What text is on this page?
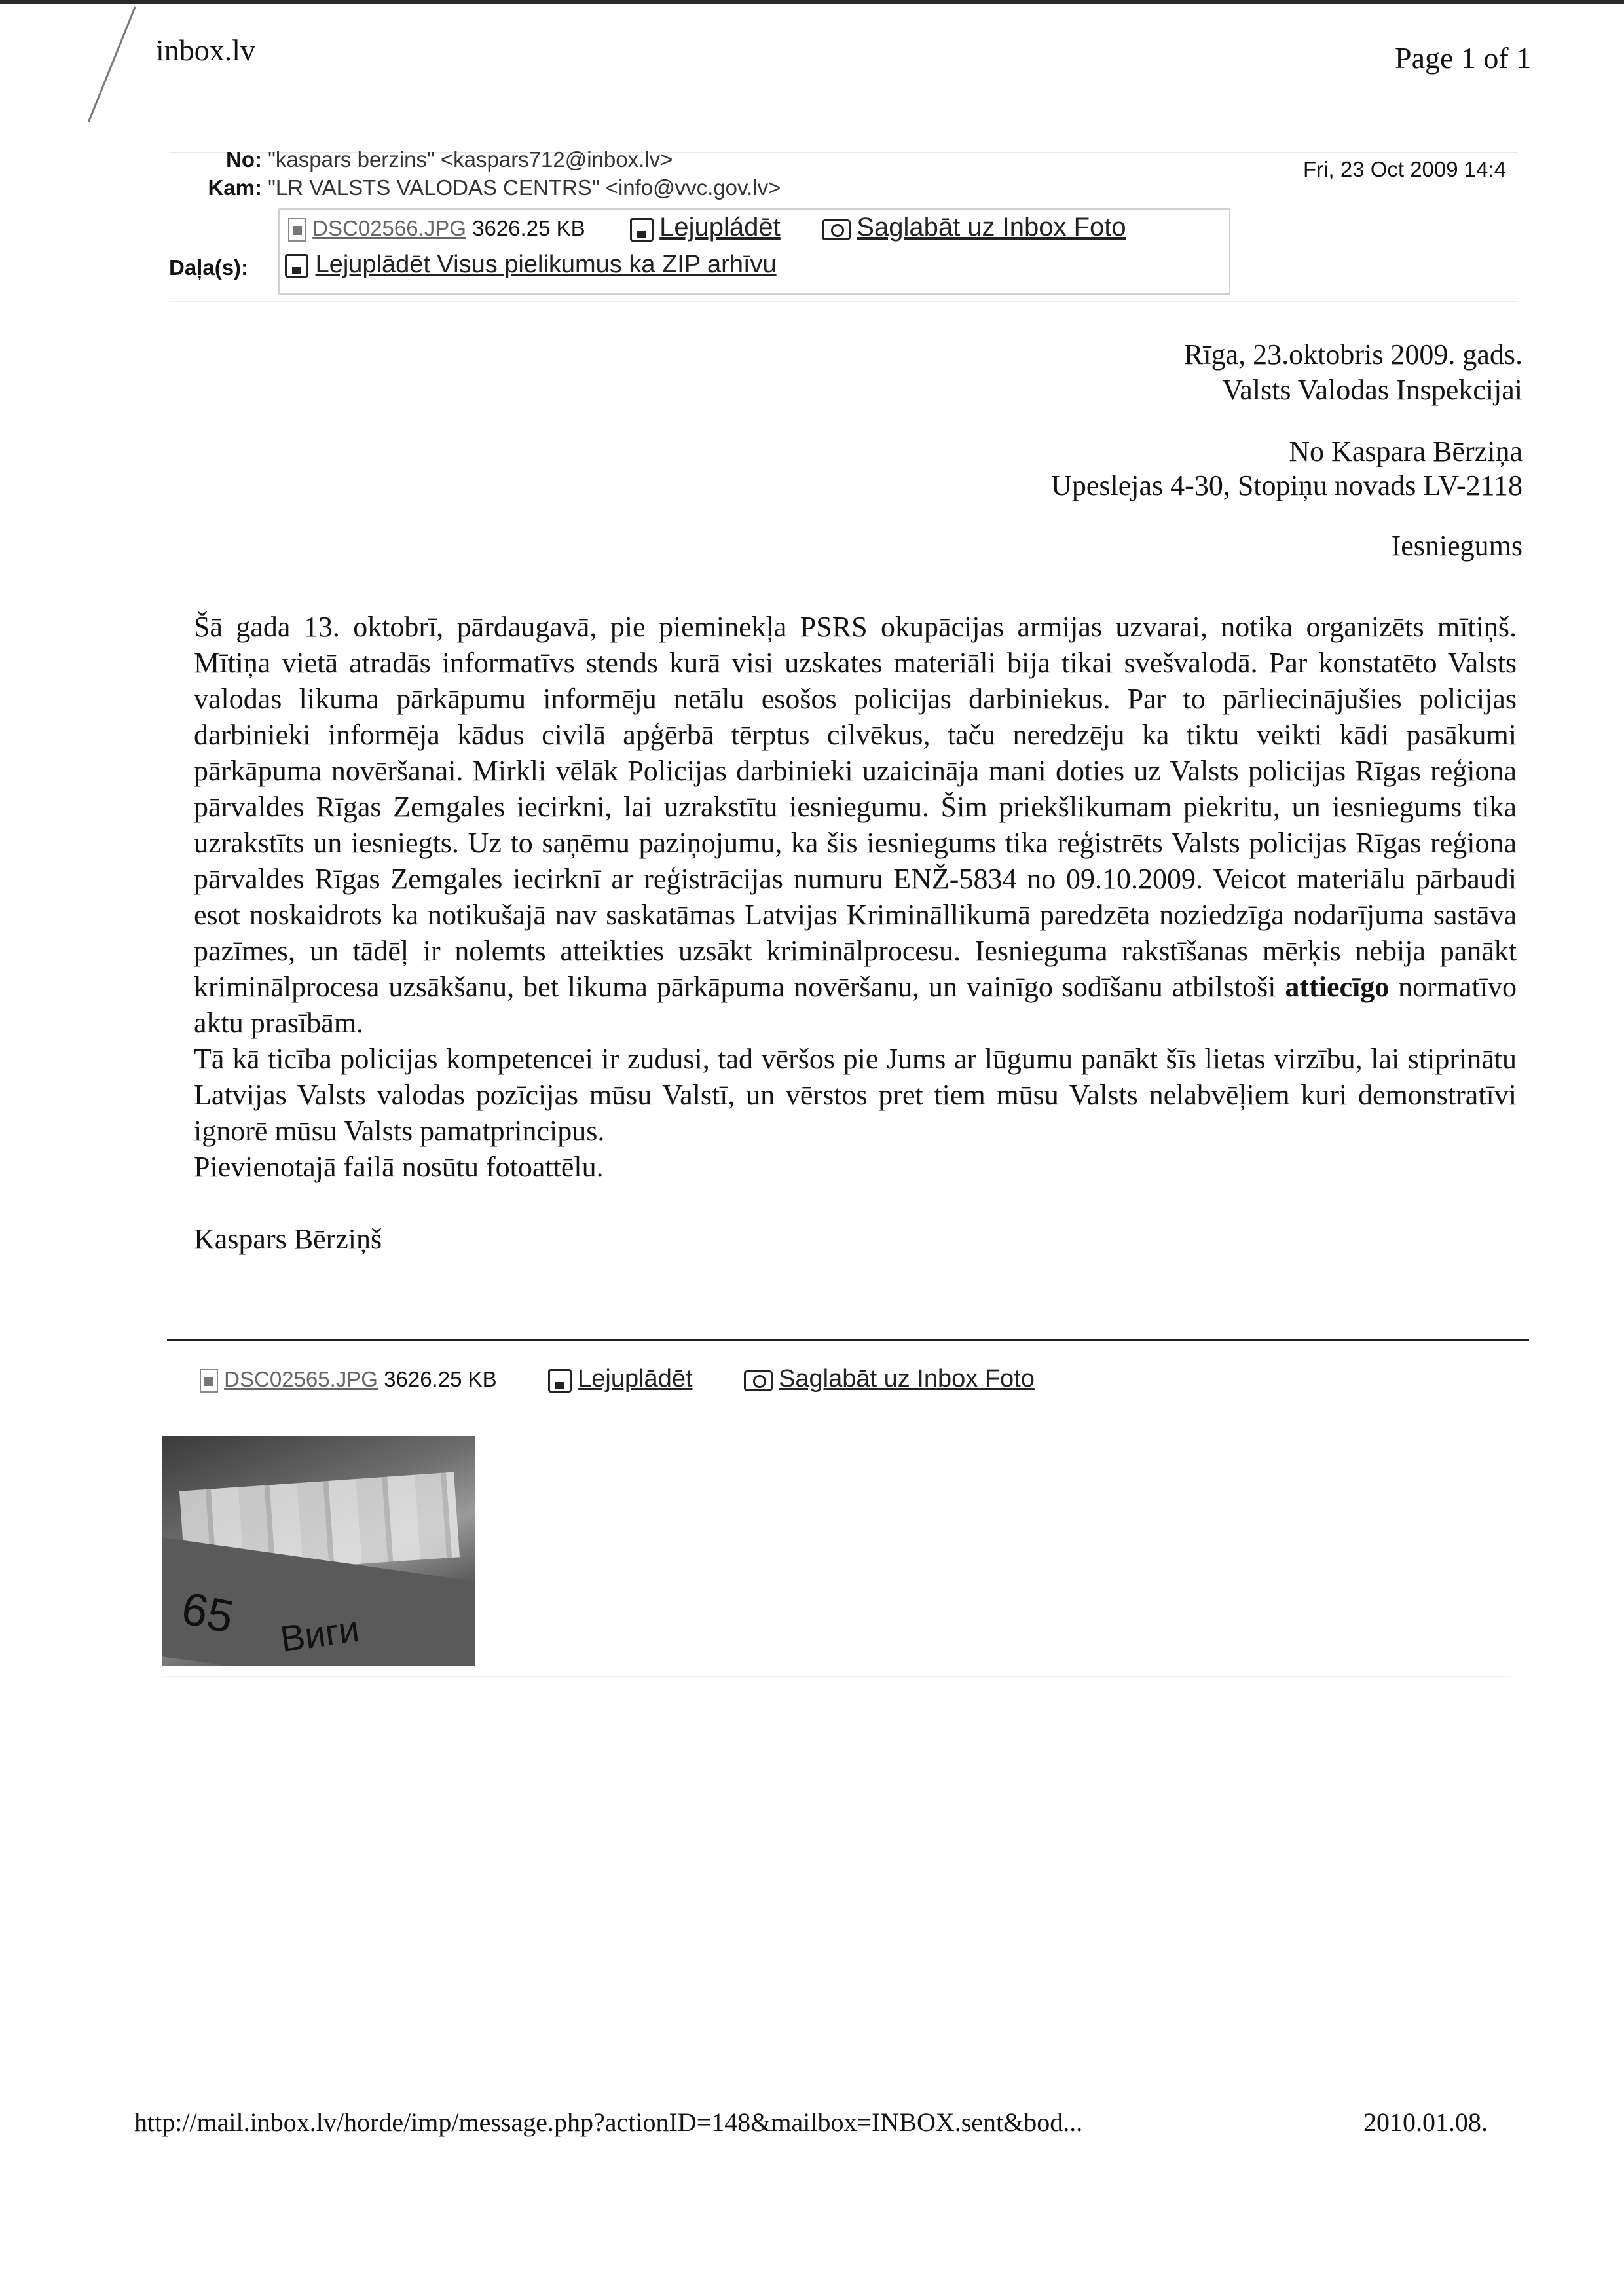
inbox.lv	Page 1 of 1
No: "kaspars berzins" <kaspars712@inbox.lv>
Kam: "LR VALSTS VALODAS CENTRS" <info@vvc.gov.lv>
Fri, 23 Oct 2009 14:4
DSC02566.JPG 3626.25 KB	Lejupládēt	Saglabāt uz Inbox Foto
Daļa(s):	Lejuplādēt Visus pielikumus ka ZIP arhīvu
Rīga, 23.oktobris 2009. gads.
Valsts Valodas Inspekcijai
No Kaspara Bērziņa
Upeslejas 4-30, Stopiņu novads LV-2118
Iesniegums
Šā gada 13. oktobrī, pārdaugavā, pie pieminekļa PSRS okupācijas armijas uzvarai, notika organizēts mītiņš. Mītiņa vietā atradās informatīvs stends kurā visi uzskates materiāli bija tikai svešvalodā. Par konstatēto Valsts valodas likuma pārkāpumu informēju netālu esošos policijas darbiniekus. Par to pārliecinājušies policijas darbinieki informēja kādus civilā apģērbā tērptus cilvēkus, taču neredzēju ka tiktu veikti kādi pasākumi pārkāpuma novēršanai. Mirkli vēlāk Policijas darbinieki uzaicināja mani doties uz Valsts policijas Rīgas reģiona pārvaldes Rīgas Zemgales iecirkni, lai uzrakstītu iesniegumu. Šim priekšlikumam piekritu, un iesniegums tika uzrakstīts un iesniegts. Uz to saņēmu paziņojumu, ka šis iesniegums tika reģistrēts Valsts policijas Rīgas reģiona pārvaldes Rīgas Zemgales iecirknī ar reģistrācijas numuru ENŽ-5834 no 09.10.2009. Veicot materiālu pārbaudi esot noskaidrots ka notikušajā nav saskatāmas Latvijas Krimināllikumā paredzēta noziedzīga nodarījuma sastāva pazīmes, un tādēļ ir nolemts atteikties uzsākt kriminālprocesu. Iesnieguma rakstīšanas mērķis nebija panākt kriminālprocesa uzsākšanu, bet likuma pārkāpuma novēršanu, un vainīgo sodīšanu atbilstoši attiecīgo normatīvo aktu prasībām.
Tā kā ticība policijas kompetencei ir zudusi, tad vēršos pie Jums ar lūgumu panākt šīs lietas virzību, lai stiprinātu Latvijas Valsts valodas pozīcijas mūsu Valstī, un vērstos pret tiem mūsu Valsts nelabvēļiem kuri demonstratīvi ignorē mūsu Valsts pamatprincipus.
Pievienotajā failā nosūtu fotoattēlu.
Kaspars Bērziņš
DSC02565.JPG 3626.25 KB	Lejuplādēt	Saglabāt uz Inbox Foto
65 Виги
http://mail.inbox.lv/horde/imp/message.php?actionID=148&mailbox=INBOX.sent&bod...	2010.01.08.
